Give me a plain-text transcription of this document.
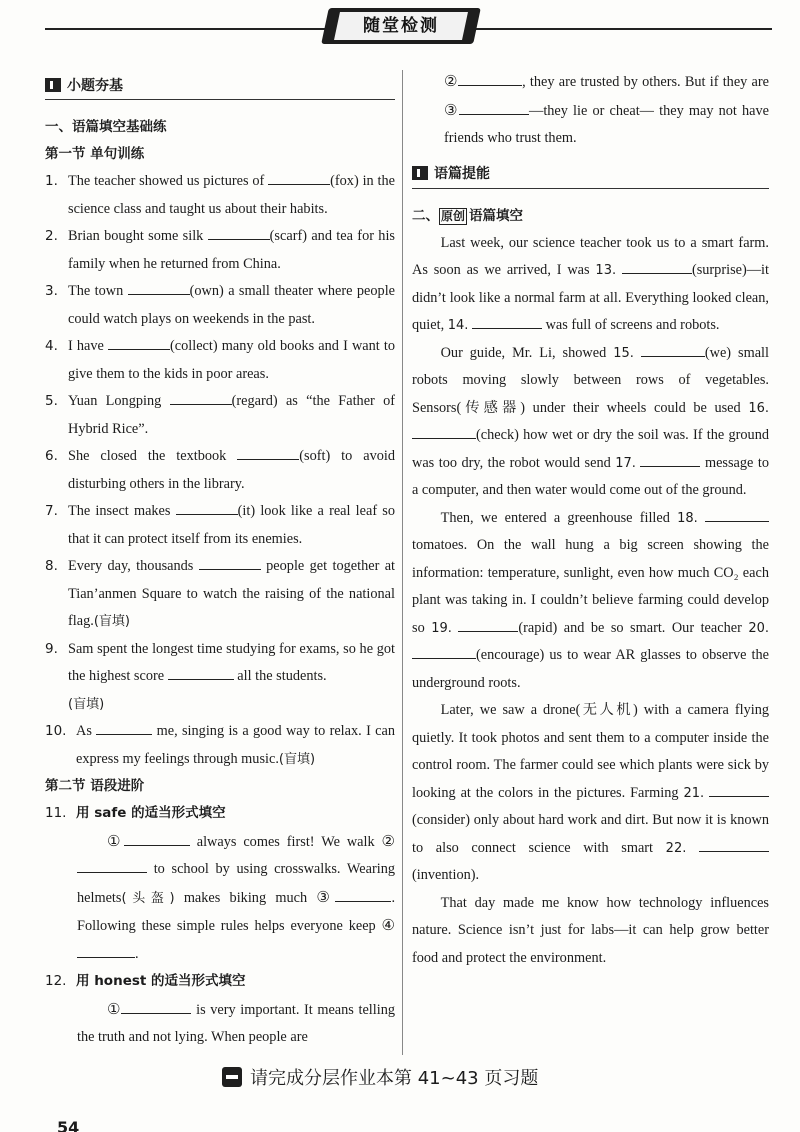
随堂检测
小题夯基
一、语篇填空基础练
第一节 单句训练
1. The teacher showed us pictures of	(fox) in the science class and taught us about their habits.
2. Brian bought some silk	(scarf) and tea for his family when he returned from China.
3. The town	(own) a small theater where people could watch plays on weekends in the past.
4. I have	(collect) many old books and I want to give them to the kids in poor areas.
5. Yuan Longping	(regard) as “the Father of Hybrid Rice”.
6. She closed the textbook	(soft) to avoid disturbing others in the library.
7. The insect makes	(it) look like a real leaf so that it can protect itself from its enemies.
8. Every day, thousands	people get together at Tian’anmen Square to watch the raising of the national flag.(盲填)
9. Sam spent the longest time studying for exams, so he got the highest score	all the students.
(盲填)
10. As	me, singing is a good way to relax. I can express my feelings through music.(盲填)
第二节 语段进阶
11. 用 safe 的适当形式填空
①	always comes first! We walk ② to school by using crosswalks. Wearing helmets(头盔) makes biking much ③	. Following these simple rules helps everyone keep ④.
12. 用 honest 的适当形式填空
①	is very important. It means telling the truth and not lying. When people are
②	, they are trusted by others. But if they are ③	—they lie or cheat— they may not have friends who trust them.
语篇提能
二、 原创 语篇填空
Last week, our science teacher took us to a smart farm. As soon as we arrived, I was 13.	(surprise)—it didn’t look like a normal farm at all. Everything looked clean, quiet, 14.	was full of screens and robots.
Our guide, Mr. Li, showed 15.	(we) small robots moving slowly between rows of vegetables. Sensors(传感器) under their wheels could be used 16. (check) how wet or dry the soil was. If the ground was too dry, the robot would send 17.	message to a computer, and then water would come out of the ground.
Then, we entered a greenhouse filled 18.  tomatoes. On the wall hung a big screen showing the information: temperature, sunlight, even how much CO₂ each plant was taking in. I couldn’t believe farming could develop so 19.	(rapid) and be so smart. Our teacher 20. (encourage) us to wear AR glasses to observe the underground roots.
Later, we saw a drone(无人机) with a camera flying quietly. It took photos and sent them to a computer inside the control room. The farmer could see which plants were sick by looking at the colors in the pictures. Farming 21. (consider) only about hard work and dirt. But now it is known to also connect science with smart 22. (invention).
That day made me know how technology influences nature. Science isn’t just for labs—it can help grow better food and protect the environment.
请完成分层作业本第 41~43 页习题
54
